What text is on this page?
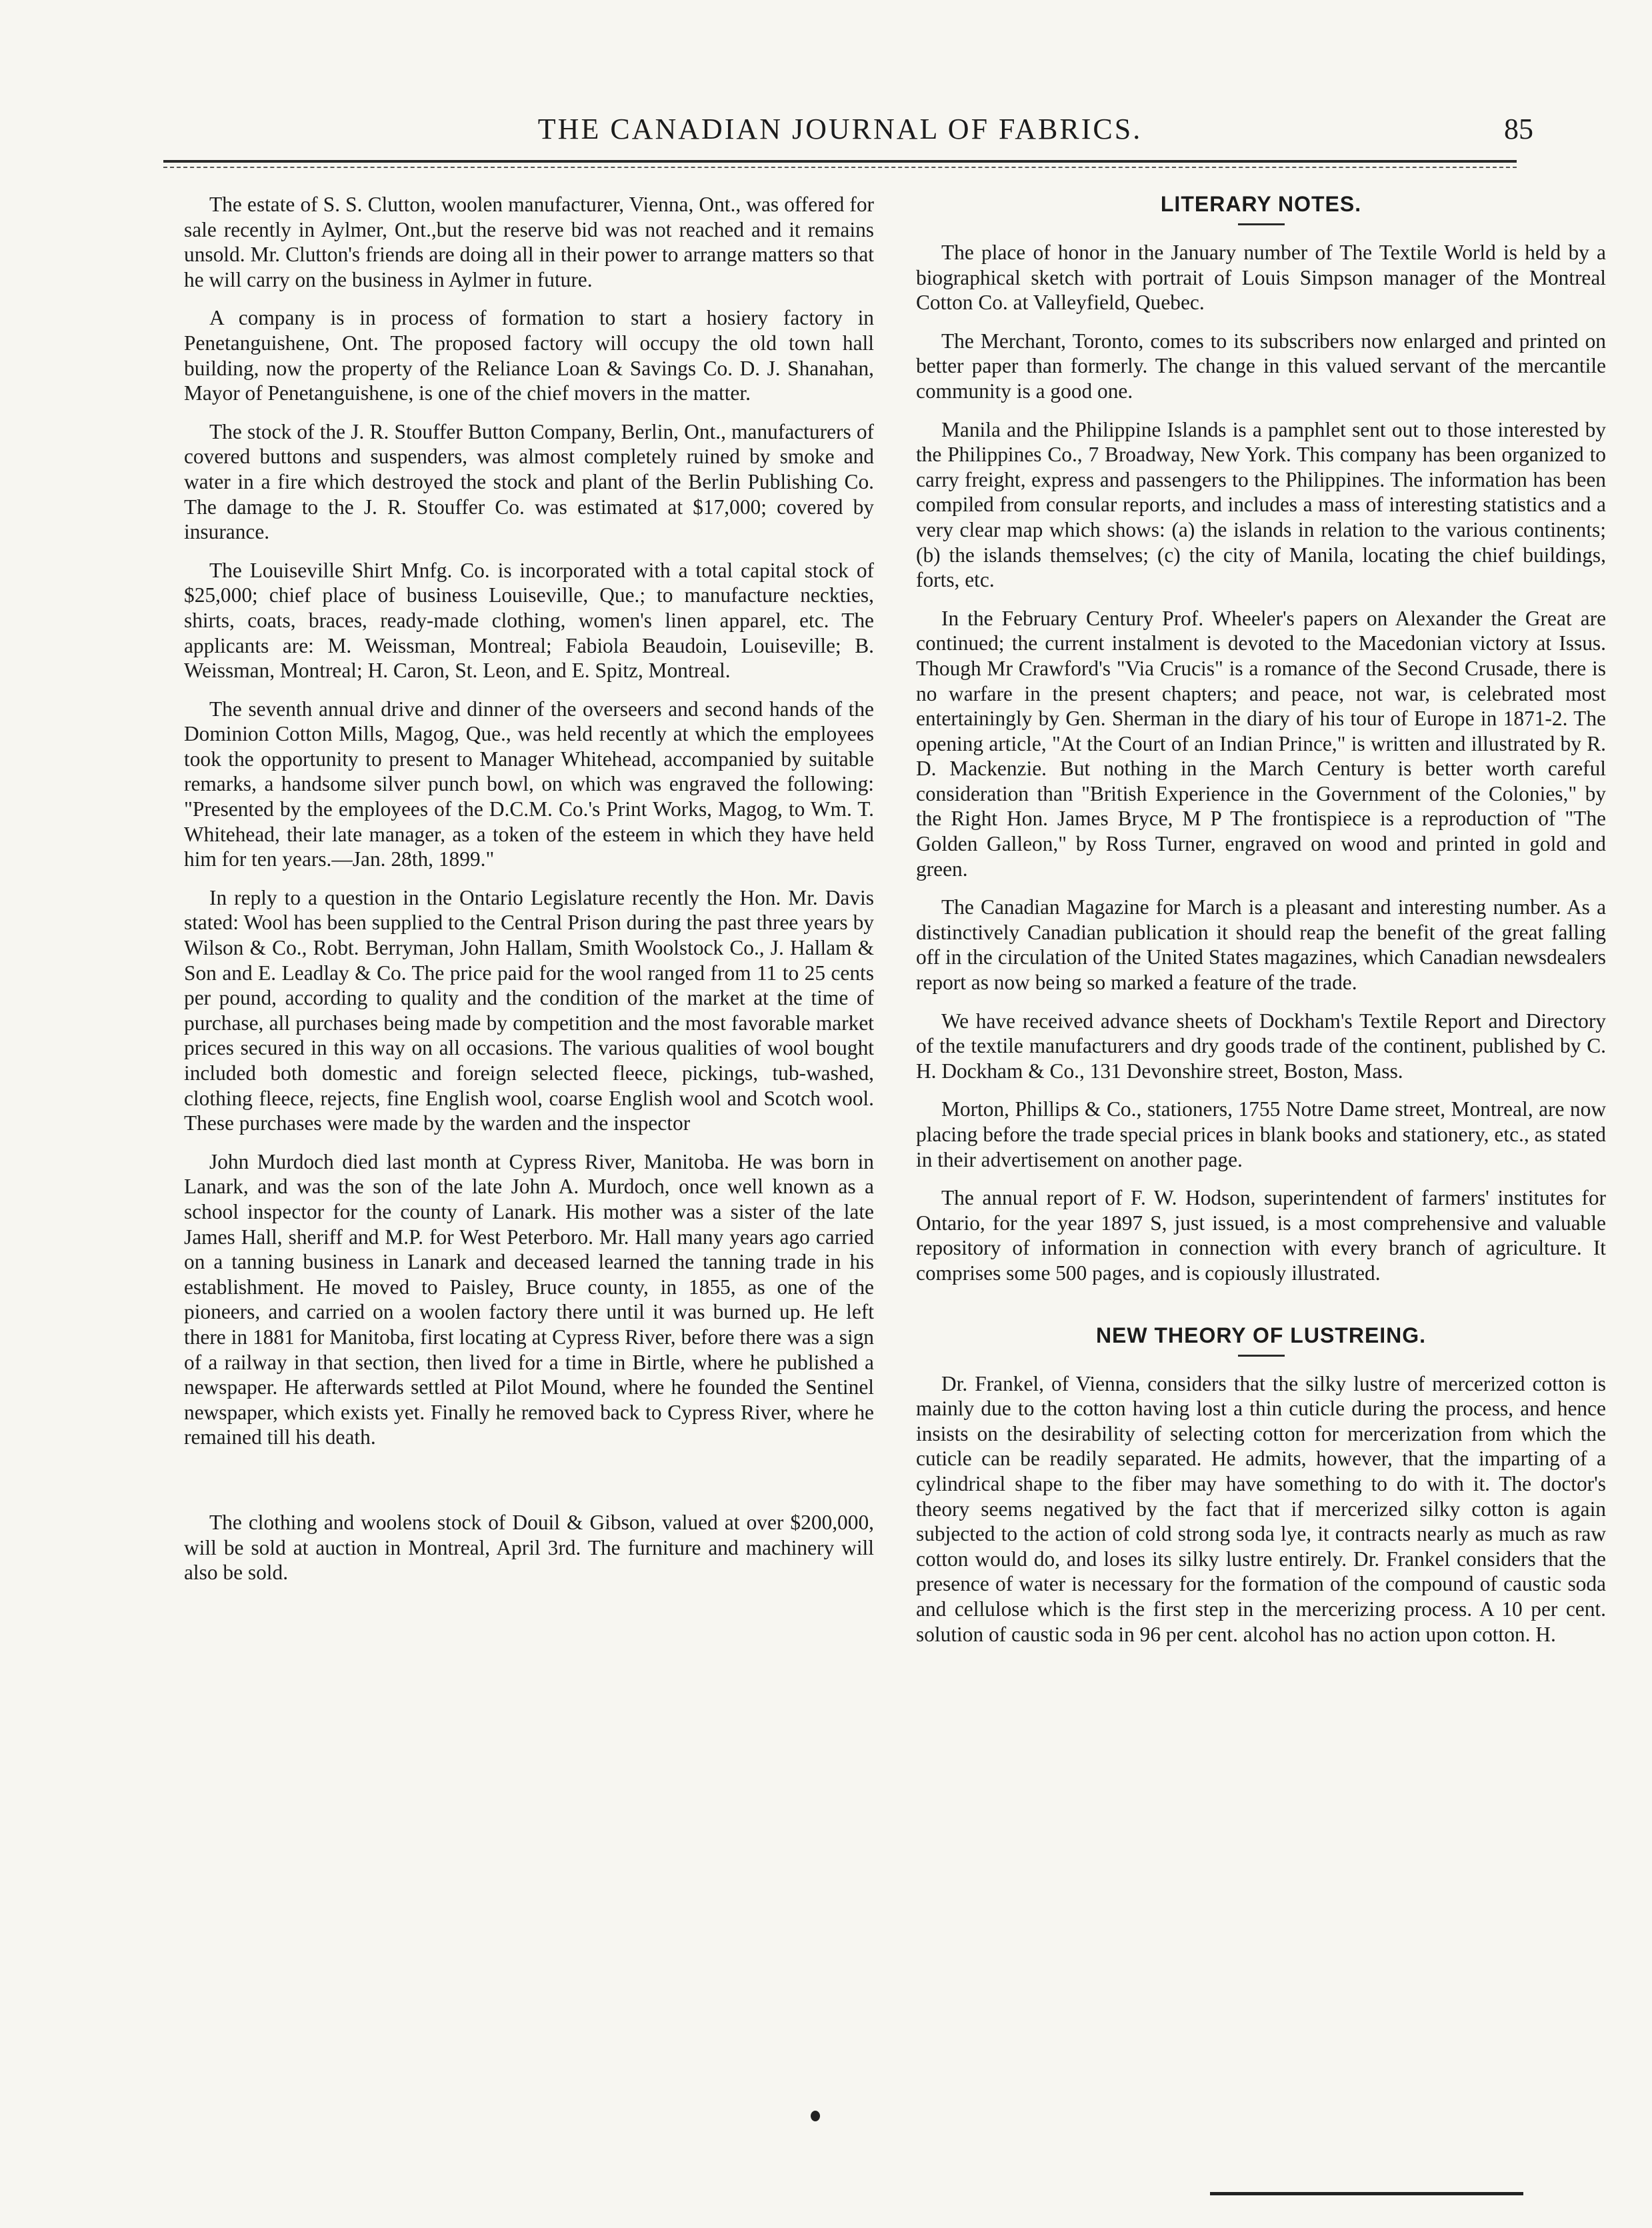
THE CANADIAN JOURNAL OF FABRICS.	85

The estate of S. S. Clutton, woolen manufacturer, Vienna, Ont., was offered for sale recently in Aylmer, Ont.,but the reserve bid was not reached and it remains unsold. Mr. Clutton's friends are doing all in their power to arrange matters so that he will carry on the business in Aylmer in future.

A company is in process of formation to start a hosiery factory in Penetanguishene, Ont. The proposed factory will occupy the old town hall building, now the property of the Reliance Loan & Savings Co. D. J. Shanahan, Mayor of Penetanguishene, is one of the chief movers in the matter.

The stock of the J. R. Stouffer Button Company, Berlin, Ont., manufacturers of covered buttons and suspenders, was almost completely ruined by smoke and water in a fire which destroyed the stock and plant of the Berlin Publishing Co. The damage to the J. R. Stouffer Co. was estimated at $17,000; covered by insurance.

The Louiseville Shirt Mnfg. Co. is incorporated with a total capital stock of $25,000; chief place of business Louiseville, Que.; to manufacture neckties, shirts, coats, braces, ready-made clothing, women's linen apparel, etc. The applicants are: M. Weissman, Montreal; Fabiola Beaudoin, Louiseville; B. Weissman, Montreal; H. Caron, St. Leon, and E. Spitz, Montreal.

The seventh annual drive and dinner of the overseers and second hands of the Dominion Cotton Mills, Magog, Que., was held recently at which the employees took the opportunity to present to Manager Whitehead, accompanied by suitable remarks, a handsome silver punch bowl, on which was engraved the following: "Presented by the employees of the D.C.M. Co.'s Print Works, Magog, to Wm. T. Whitehead, their late manager, as a token of the esteem in which they have held him for ten years.—Jan. 28th, 1899."

In reply to a question in the Ontario Legislature recently the Hon. Mr. Davis stated: Wool has been supplied to the Central Prison during the past three years by Wilson & Co., Robt. Berryman, John Hallam, Smith Woolstock Co., J. Hallam & Son and E. Leadlay & Co. The price paid for the wool ranged from 11 to 25 cents per pound, according to quality and the condition of the market at the time of purchase, all purchases being made by competition and the most favorable market prices secured in this way on all occasions. The various qualities of wool bought included both domestic and foreign selected fleece, pickings, tub-washed, clothing fleece, rejects, fine English wool, coarse English wool and Scotch wool. These purchases were made by the warden and the inspector

John Murdoch died last month at Cypress River, Manitoba. He was born in Lanark, and was the son of the late John A. Murdoch, once well known as a school inspector for the county of Lanark. His mother was a sister of the late James Hall, sheriff and M.P. for West Peterboro. Mr. Hall many years ago carried on a tanning business in Lanark and deceased learned the tanning trade in his establishment. He moved to Paisley, Bruce county, in 1855, as one of the pioneers, and carried on a woolen factory there until it was burned up. He left there in 1881 for Manitoba, first locating at Cypress River, before there was a sign of a railway in that section, then lived for a time in Birtle, where he published a newspaper. He afterwards settled at Pilot Mound, where he founded the Sentinel newspaper, which exists yet. Finally he removed back to Cypress River, where he remained till his death.

The clothing and woolens stock of Douil & Gibson, valued at over $200,000, will be sold at auction in Montreal, April 3rd. The furniture and machinery will also be sold.

LITERARY NOTES.

The place of honor in the January number of The Textile World is held by a biographical sketch with portrait of Louis Simpson manager of the Montreal Cotton Co. at Valleyfield, Quebec.

The Merchant, Toronto, comes to its subscribers now enlarged and printed on better paper than formerly. The change in this valued servant of the mercantile community is a good one.

Manila and the Philippine Islands is a pamphlet sent out to those interested by the Philippines Co., 7 Broadway, New York. This company has been organized to carry freight, express and passengers to the Philippines. The information has been compiled from consular reports, and includes a mass of interesting statistics and a very clear map which shows: (a) the islands in relation to the various continents; (b) the islands themselves; (c) the city of Manila, locating the chief buildings, forts, etc.

In the February Century Prof. Wheeler's papers on Alexander the Great are continued; the current instalment is devoted to the Macedonian victory at Issus. Though Mr Crawford's "Via Crucis" is a romance of the Second Crusade, there is no warfare in the present chapters; and peace, not war, is celebrated most entertainingly by Gen. Sherman in the diary of his tour of Europe in 1871-2. The opening article, "At the Court of an Indian Prince," is written and illustrated by R. D. Mackenzie. But nothing in the March Century is better worth careful consideration than "British Experience in the Government of the Colonies," by the Right Hon. James Bryce, M P The frontispiece is a reproduction of "The Golden Galleon," by Ross Turner, engraved on wood and printed in gold and green.

The Canadian Magazine for March is a pleasant and interesting number. As a distinctively Canadian publication it should reap the benefit of the great falling off in the circulation of the United States magazines, which Canadian newsdealers report as now being so marked a feature of the trade.

We have received advance sheets of Dockham's Textile Report and Directory of the textile manufacturers and dry goods trade of the continent, published by C. H. Dockham & Co., 131 Devonshire street, Boston, Mass.

Morton, Phillips & Co., stationers, 1755 Notre Dame street, Montreal, are now placing before the trade special prices in blank books and stationery, etc., as stated in their advertisement on another page.

The annual report of F. W. Hodson, superintendent of farmers' institutes for Ontario, for the year 1897 S, just issued, is a most comprehensive and valuable repository of information in connection with every branch of agriculture. It comprises some 500 pages, and is copiously illustrated.

NEW THEORY OF LUSTREING.

Dr. Frankel, of Vienna, considers that the silky lustre of mercerized cotton is mainly due to the cotton having lost a thin cuticle during the process, and hence insists on the desirability of selecting cotton for mercerization from which the cuticle can be readily separated. He admits, however, that the imparting of a cylindrical shape to the fiber may have something to do with it. The doctor's theory seems negatived by the fact that if mercerized silky cotton is again subjected to the action of cold strong soda lye, it contracts nearly as much as raw cotton would do, and loses its silky lustre entirely. Dr. Frankel considers that the presence of water is necessary for the formation of the compound of caustic soda and cellulose which is the first step in the mercerizing process. A 10 per cent. solution of caustic soda in 96 per cent. alcohol has no action upon cotton. H.
